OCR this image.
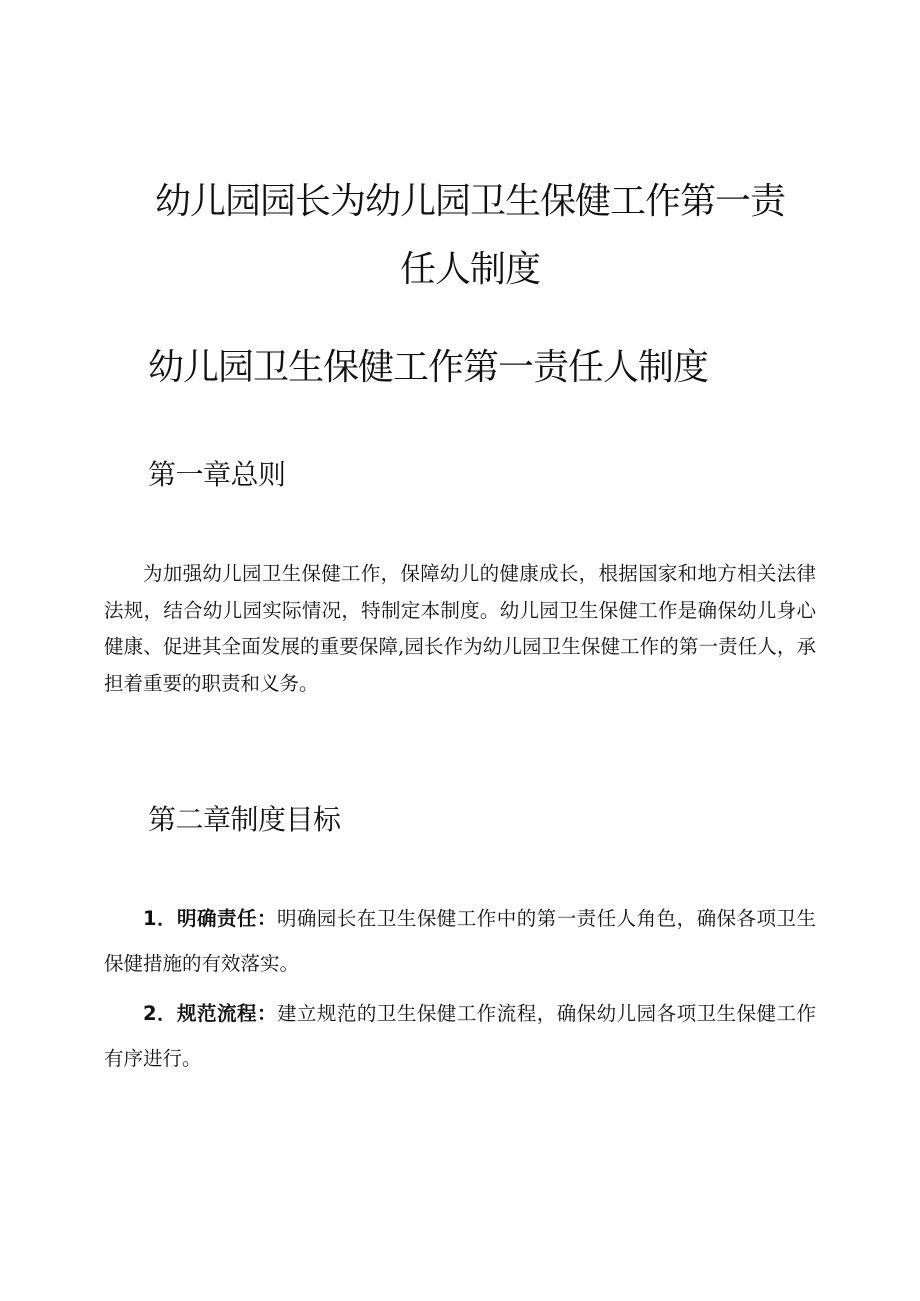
幼儿园园长为幼儿园卫生保健工作第一责
任人制度
幼儿园卫生保健工作第一责任人制度
第一章总则

为加强幼儿园卫生保健工作，保障幼儿的健康成长，根据国家和地方相关法律法规，结合幼儿园实际情况，特制定本制度。幼儿园卫生保健工作是确保幼儿身心健康、促进其全面发展的重要保障,园长作为幼儿园卫生保健工作的第一责任人，承担着重要的职责和义务。

第二章制度目标

1．明确责任：明确园长在卫生保健工作中的第一责任人角色，确保各项卫生保健措施的有效落实。

2．规范流程：建立规范的卫生保健工作流程，确保幼儿园各项卫生保健工作有序进行。
